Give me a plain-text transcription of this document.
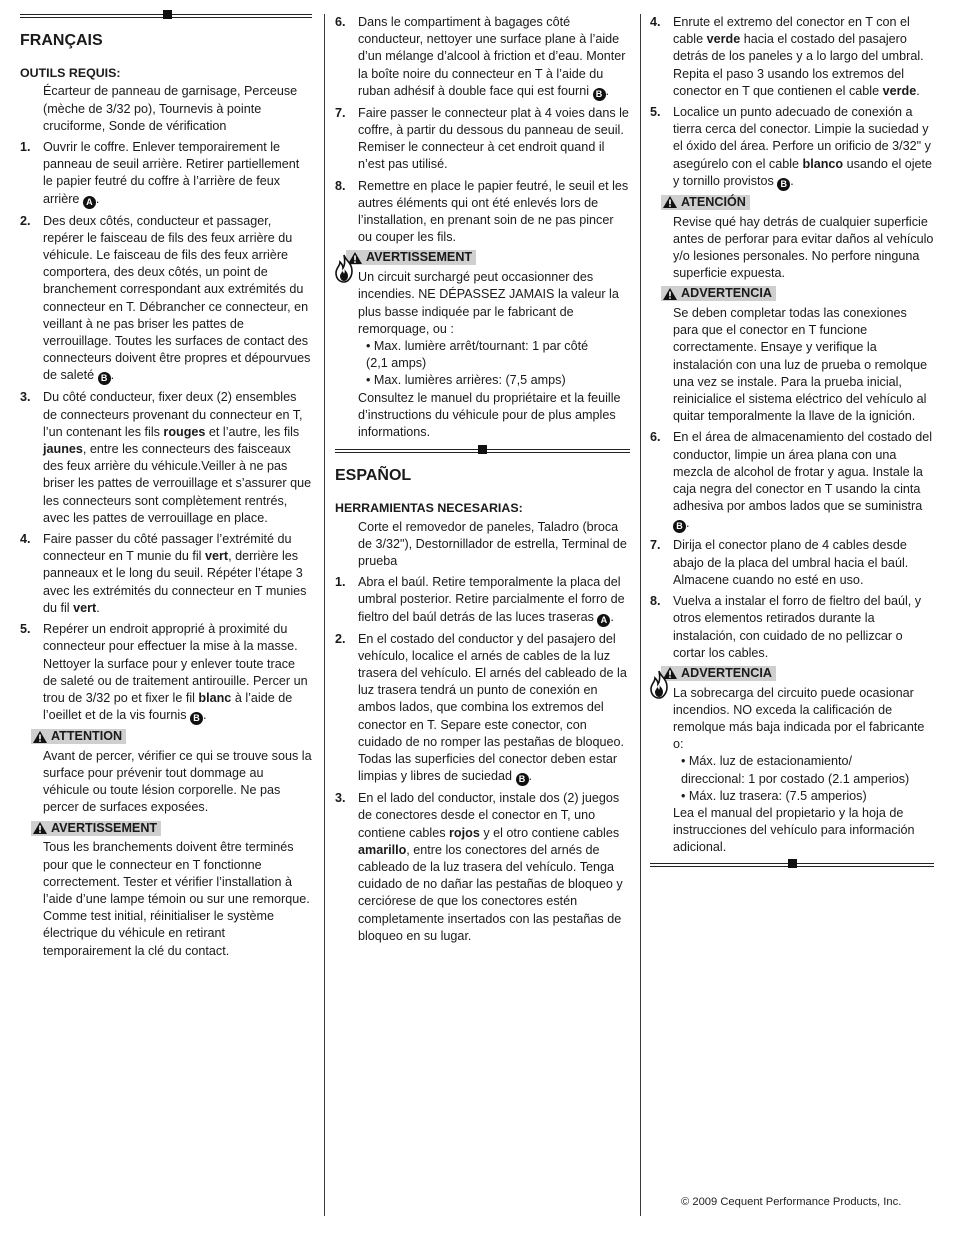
FRANÇAIS
OUTILS REQUIS:
Écarteur de panneau de garnisage, Perceuse (mèche de 3/32 po), Tournevis à pointe cruciforme, Sonde de vérification
1. Ouvrir le coffre. Enlever temporairement le panneau de seuil arrière. Retirer partiellement le papier feutré du coffre à l’arrière de feux arrière A .
2. Des deux côtés, conducteur et passager, repérer le faisceau de fils des feux arrière du véhicule. Le faisceau de fils des feux arrière comportera, des deux côtés, un point de branchement correspondant aux extrémités du connecteur en T. Débrancher ce connecteur, en veillant à ne pas briser les pattes de verrouillage. Toutes les surfaces de contact des connecteurs doivent être propres et dépourvues de saleté B .
3. Du côté conducteur, fixer deux (2) ensembles de connecteurs provenant du connecteur en T, l’un contenant les fils rouges et l’autre, les fils jaunes, entre les connecteurs des faisceaux des feux arrière du véhicule.Veiller à ne pas briser les pattes de verrouillage et s’assurer que les connecteurs sont complètement rentrés, avec les pattes de verrouillage en place.
4. Faire passer du côté passager l’extrémité du connecteur en T munie du fil vert, derrière les panneaux et le long du seuil. Répéter l’étape 3 avec les extrémités du connecteur en T munies du fil vert.
5. Repérer un endroit approprié à proximité du connecteur pour effectuer la mise à la masse. Nettoyer la surface pour y enlever toute trace de saleté ou de traitement antirouille. Percer un trou de 3/32 po et fixer le fil blanc à l’aide de l’oeillet et de la vis fournis B .
ATTENTION

Avant de percer, vérifier ce qui se trouve sous la surface pour prévenir tout dommage au véhicule ou toute lésion corporelle. Ne pas percer de surfaces exposées.
AVERTISSEMENT

Tous les branchements doivent être terminés pour que le connecteur en T fonctionne correctement. Tester et vérifier l’installation à l’aide d’une lampe témoin ou sur une remorque. Comme test initial, réinitialiser le système électrique du véhicule en retirant temporairement la clé du contact.
6. Dans le compartiment à bagages côté conducteur, nettoyer une surface plane à l’aide d’un mélange d’alcool à friction et d’eau. Monter la boîte noire du connecteur en T à l’aide du ruban adhésif à double face qui est fourni B .
7. Faire passer le connecteur plat à 4 voies dans le coffre, à partir du dessous du panneau de seuil. Remiser le connecteur à cet endroit quand il n’est pas utilisé.
8. Remettre en place le papier feutré, le seuil et les autres éléments qui ont été enlevés lors de l’installation, en prenant soin de ne pas pincer ou couper les fils.
AVERTISSEMENT

Un circuit surchargé peut occasionner des incendies. NE DÉPASSEZ JAMAIS la valeur la plus basse indiquée par le fabricant de remorquage, ou :
• Max. lumière arrêt/tournant: 1 par côté
(2,1 amps)
• Max. lumières arrières: (7,5 amps)
Consultez le manuel du propriétaire et la feuille d’instructions du véhicule pour de plus amples informations.
ESPAÑOL
HERRAMIENTAS NECESARIAS:
Corte el removedor de paneles, Taladro (broca de 3/32"), Destornillador de estrella, Terminal de prueba
1. Abra el baúl. Retire temporalmente la placa del umbral posterior. Retire parcialmente el forro de fieltro del baúl detrás de las luces traseras A .
2. En el costado del conductor y del pasajero del vehículo, localice el arnés de cables de la luz trasera del vehículo. El arnés del cableado de la luz trasera tendrá un punto de conexión en ambos lados, que combina los extremos del conector en T. Separe este conector, con cuidado de no romper las pestañas de bloqueo. Todas las superficies del conector deben estar limpias y libres de suciedad B .
3. En el lado del conductor, instale dos (2) juegos de conectores desde el conector en T, uno contiene cables rojos y el otro contiene cables amarillo, entre los conectores del arnés de cableado de la luz trasera del vehículo. Tenga cuidado de no dañar las pestañas de bloqueo y cerciórese de que los conectores estén completamente insertados con las pestañas de bloqueo en su lugar.
4. Enrute el extremo del conector en T con el cable verde hacia el costado del pasajero detrás de los paneles y a lo largo del umbral. Repita el paso 3 usando los extremos del conector en T que contienen el cable verde.
5. Localice un punto adecuado de conexión a tierra cerca del conector. Limpie la suciedad y el óxido del área. Perfore un orificio de 3/32" y asegúrelo con el cable blanco usando el ojete y tornillo provistos B .
ATENCIÓN

Revise qué hay detrás de cualquier superficie antes de perforar para evitar daños al vehículo y/o lesiones personales. No perfore ninguna superficie expuesta.
ADVERTENCIA

Se deben completar todas las conexiones para que el conector en T funcione correctamente. Ensaye y verifique la instalación con una luz de prueba o remolque una vez se instale. Para la prueba inicial, reinicialice el sistema eléctrico del vehículo al quitar temporalmente la llave de la ignición.
6. En el área de almacenamiento del costado del conductor, limpie un área plana con una mezcla de alcohol de frotar y agua. Instale la caja negra del conector en T usando la cinta adhesiva por ambos lados que se suministra B .
7. Dirija el conector plano de 4 cables desde abajo de la placa del umbral hacia el baúl. Almacene cuando no esté en uso.
8. Vuelva a instalar el forro de fieltro del baúl, y otros elementos retirados durante la instalación, con cuidado de no pellizcar o cortar los cables.
ADVERTENCIA

La sobrecarga del circuito puede ocasionar incendios. NO exceda la calificación de remolque más baja indicada por el fabricante o:
• Máx. luz de estacionamiento/
direccional: 1 por costado (2.1 amperios)
• Máx. luz trasera: (7.5 amperios)
Lea el manual del propietario y la hoja de instrucciones del vehículo para información adicional.
© 2009 Cequent Performance Products, Inc.
